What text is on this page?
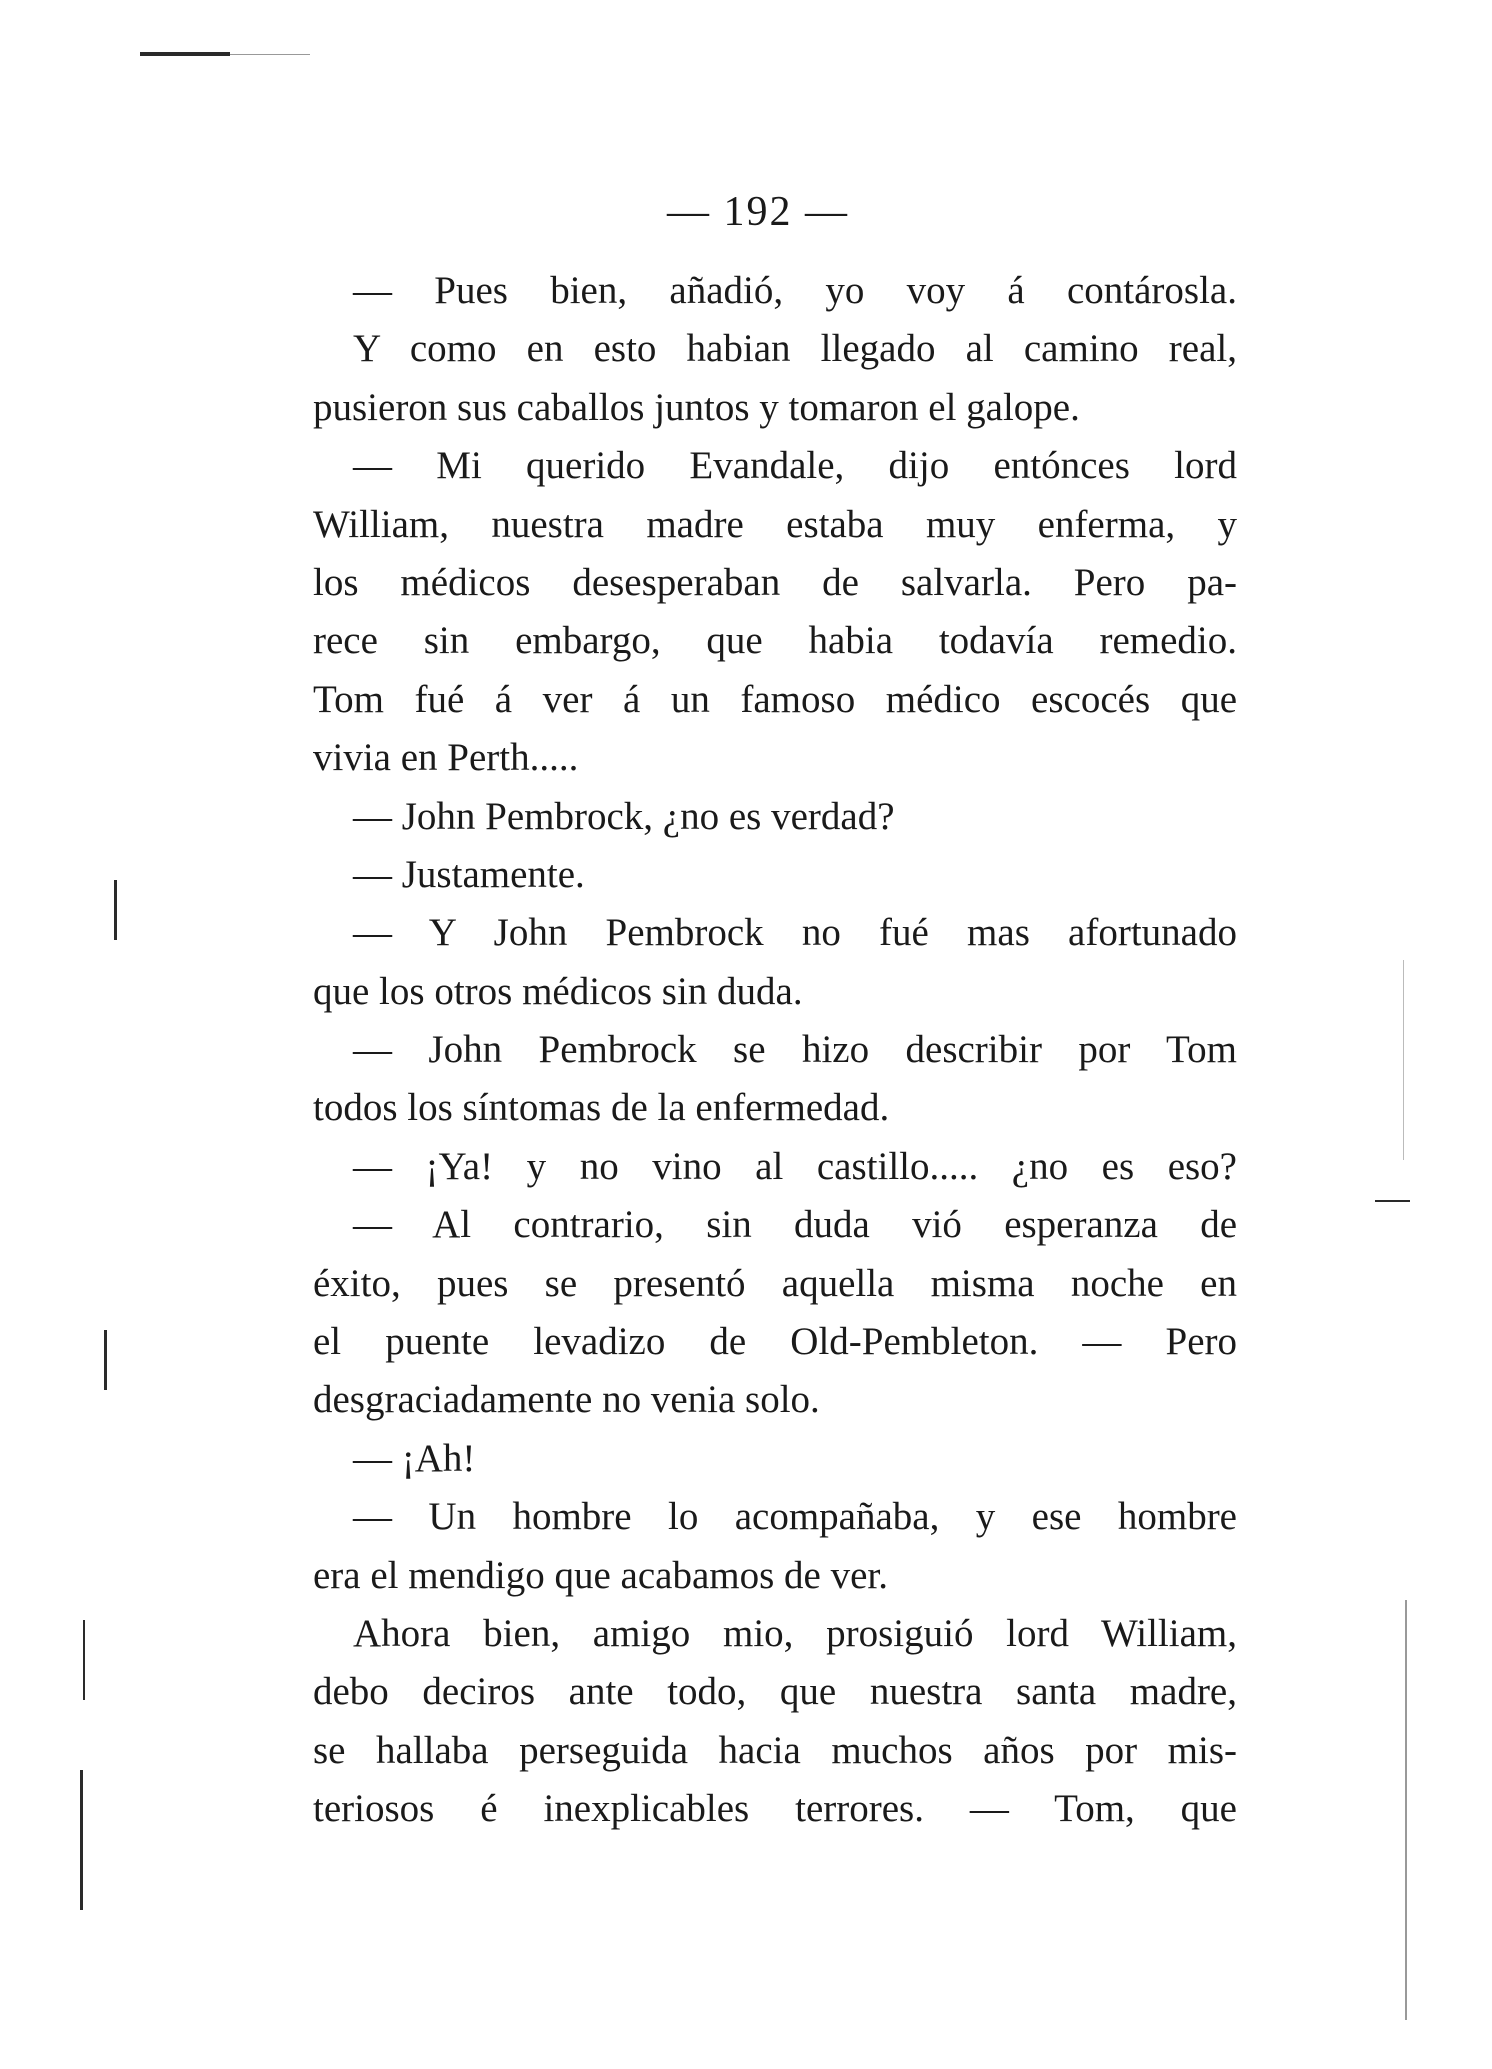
— 192 —
— Pues bien, añadió, yo voy á contárosla.
Y como en esto habian llegado al camino real,
pusieron sus caballos juntos y tomaron el galope.
— Mi querido Evandale, dijo entónces lord
William, nuestra madre estaba muy enferma, y
los médicos desesperaban de salvarla. Pero pa-
rece sin embargo, que habia todavía remedio.
Tom fué á ver á un famoso médico escocés que
vivia en Perth.....
— John Pembrock, ¿no es verdad?
— Justamente.
— Y John Pembrock no fué mas afortunado
que los otros médicos sin duda.
— John Pembrock se hizo describir por Tom
todos los síntomas de la enfermedad.
— ¡Ya! y no vino al castillo..... ¿no es eso?
— Al contrario, sin duda vió esperanza de
éxito, pues se presentó aquella misma noche en
el puente levadizo de Old-Pembleton. — Pero
desgraciadamente no venia solo.
— ¡Ah!
— Un hombre lo acompañaba, y ese hombre
era el mendigo que acabamos de ver.
Ahora bien, amigo mio, prosiguió lord William,
debo deciros ante todo, que nuestra santa madre,
se hallaba perseguida hacia muchos años por mis-
teriosos é inexplicables terrores. — Tom, que
